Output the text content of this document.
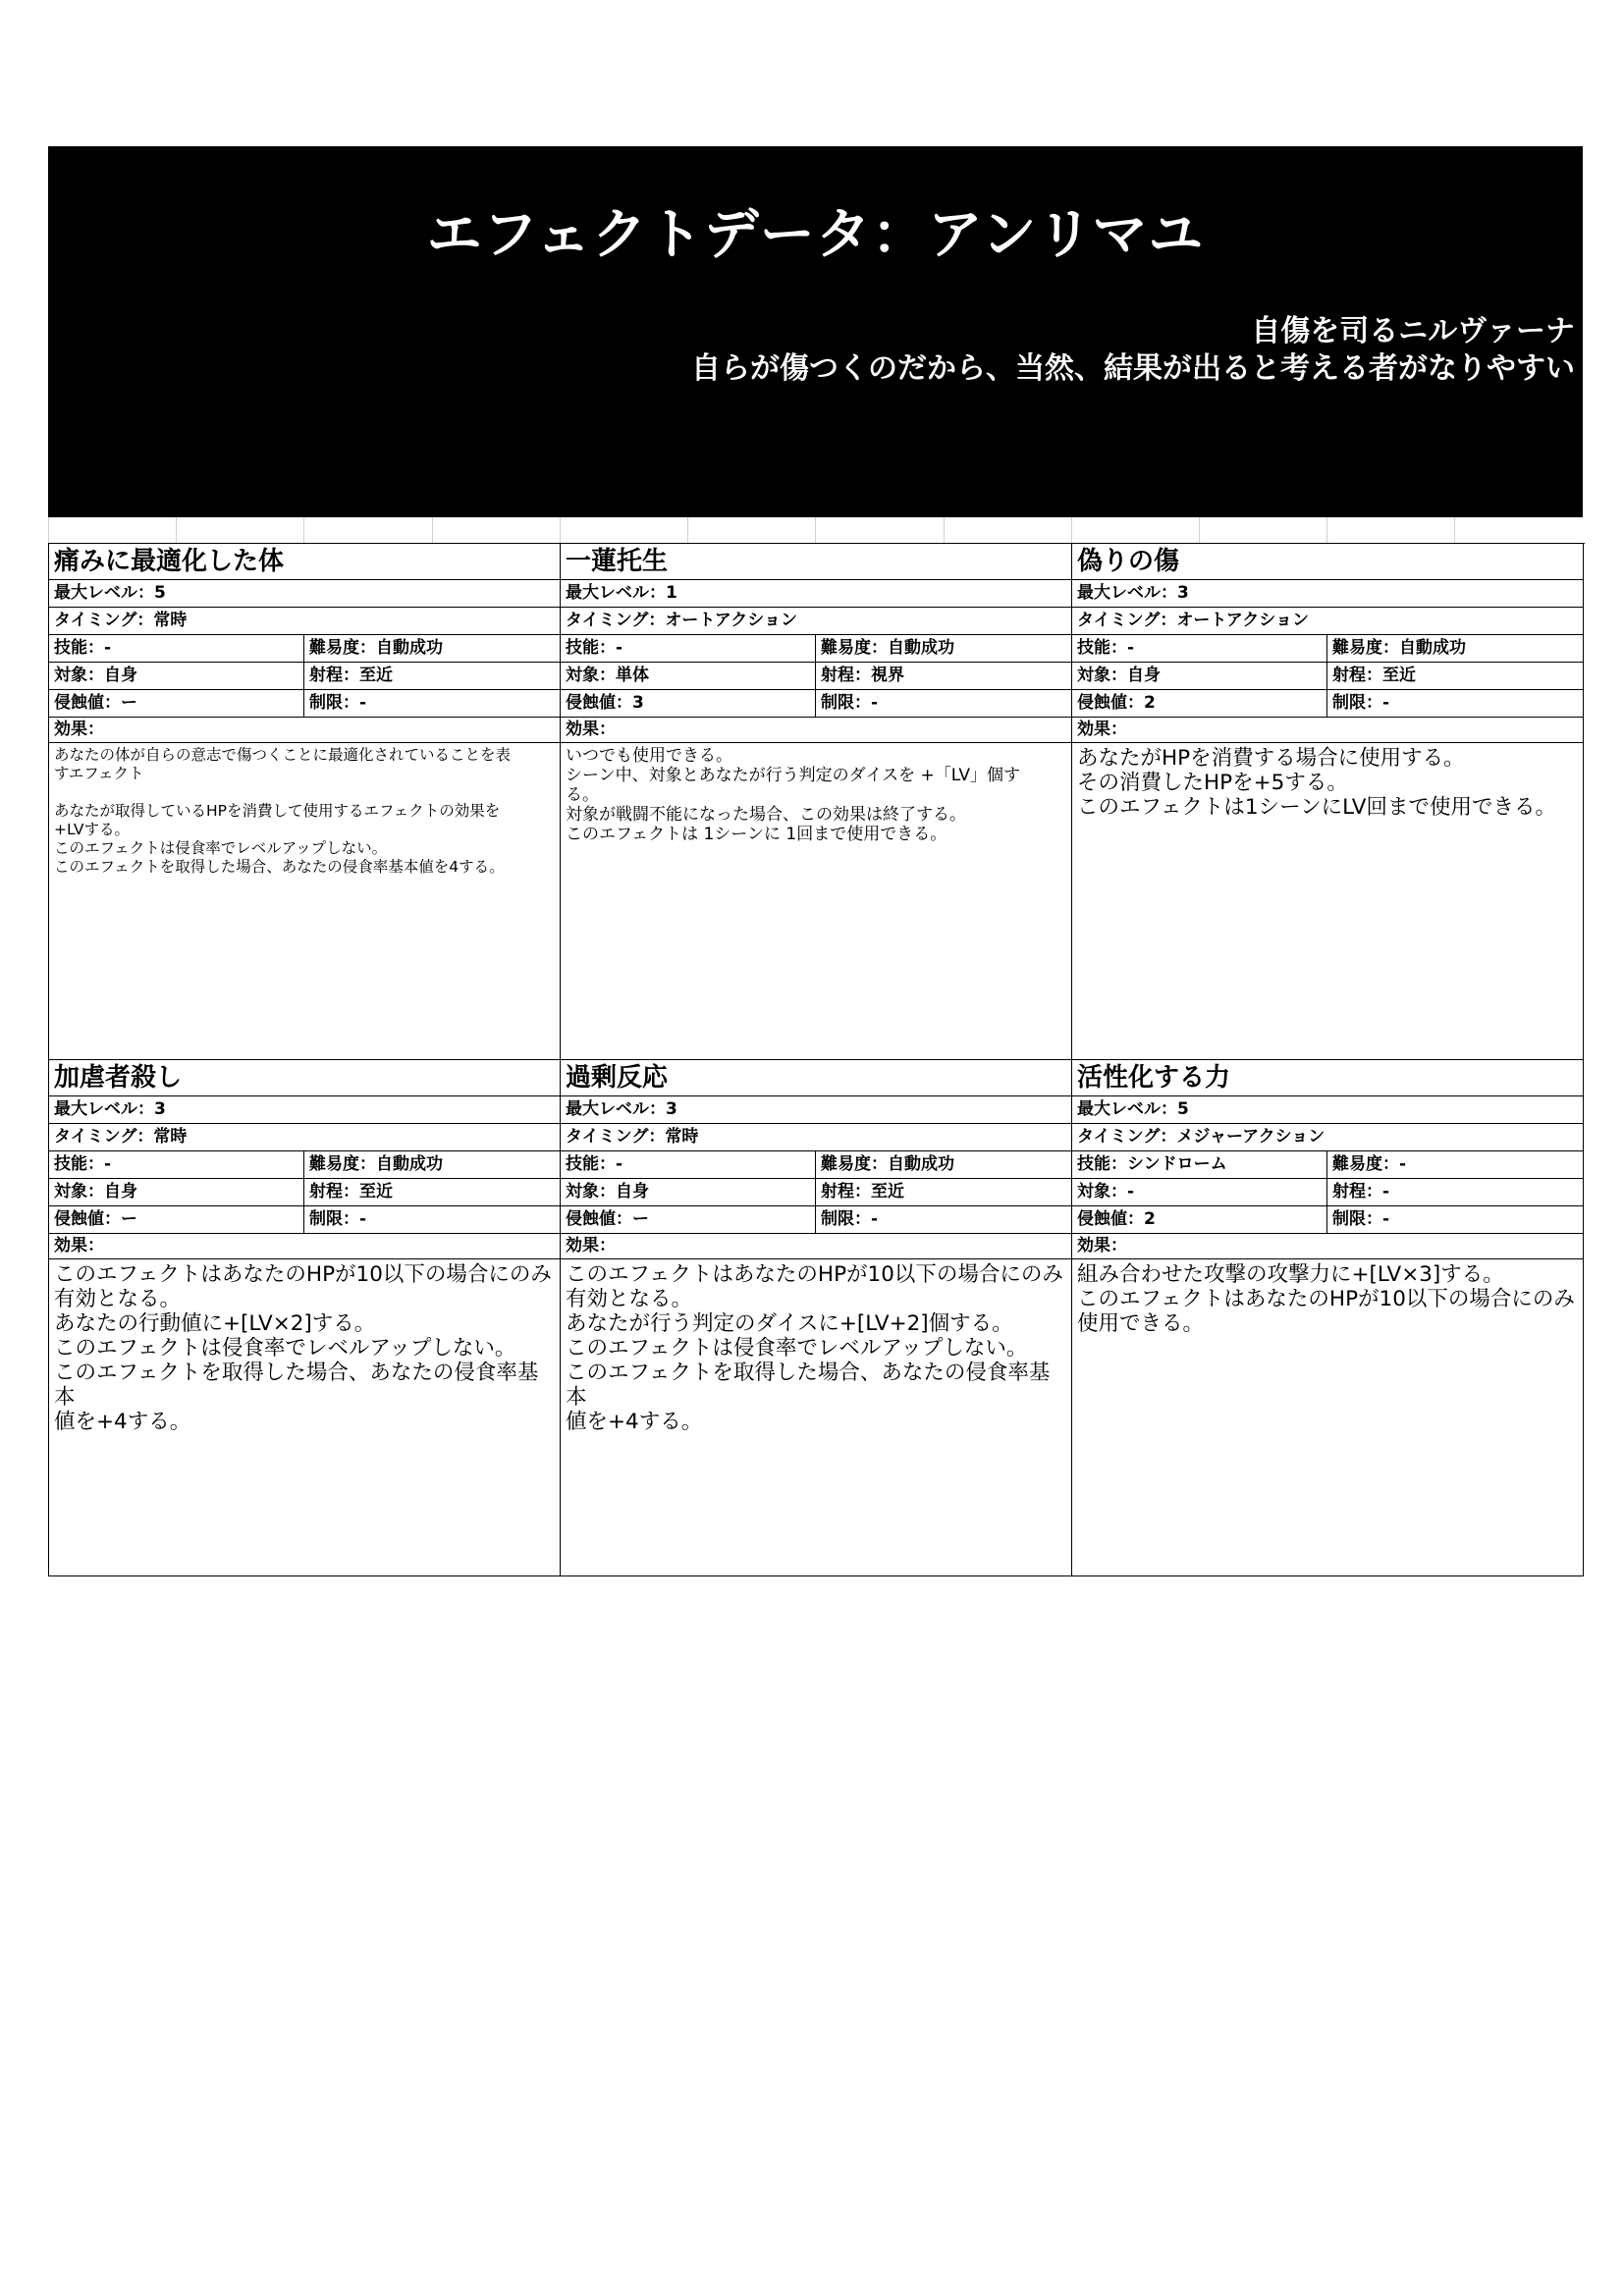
エフェクトデータ：アンリマユ
自傷を司るニルヴァーナ
自らが傷つくのだから、当然、結果が出ると考える者がなりやすい
痛みに最適化した体
最大レベル：5
タイミング：常時
技能：-	難易度：自動成功
対象：自身	射程：至近
侵蝕値：ー	制限：-
効果：
あなたの体が自らの意志で傷つくことに最適化されていることを表
すエフェクト

あなたが取得しているHPを消費して使用するエフェクトの効果を
+LVする。
このエフェクトは侵食率でレベルアップしない。
このエフェクトを取得した場合、あなたの侵食率基本値を4する。
一蓮托生
最大レベル：1
タイミング：オートアクション
技能：-	難易度：自動成功
対象：単体	射程：視界
侵蝕値：3	制限：-
効果：
いつでも使用できる。
シーン中、対象とあなたが行う判定のダイスを +「LV」個す
る。
対象が戦闘不能になった場合、この効果は終了する。
このエフェクトは 1シーンに 1回まで使用できる。
偽りの傷
最大レベル：3
タイミング：オートアクション
技能：-	難易度：自動成功
対象：自身	射程：至近
侵蝕値：2	制限：-
効果：
あなたがHPを消費する場合に使用する。
その消費したHPを+5する。
このエフェクトは1シーンにLV回まで使用できる。
加虐者殺し
最大レベル：3
タイミング：常時
技能：-	難易度：自動成功
対象：自身	射程：至近
侵蝕値：ー	制限：-
効果：
このエフェクトはあなたのHPが10以下の場合にのみ
有効となる。
あなたの行動値に+[LV×2]する。
このエフェクトは侵食率でレベルアップしない。
このエフェクトを取得した場合、あなたの侵食率基本
値を+4する。
過剰反応
最大レベル：3
タイミング：常時
技能：-	難易度：自動成功
対象：自身	射程：至近
侵蝕値：ー	制限：-
効果：
このエフェクトはあなたのHPが10以下の場合にのみ
有効となる。
あなたが行う判定のダイスに+[LV+2]個する。
このエフェクトは侵食率でレベルアップしない。
このエフェクトを取得した場合、あなたの侵食率基本
値を+4する。
活性化する力
最大レベル：5
タイミング：メジャーアクション
技能：シンドローム	難易度：-
対象：-	射程：-
侵蝕値：2	制限：-
効果：
組み合わせた攻撃の攻撃力に+[LV×3]する。
このエフェクトはあなたのHPが10以下の場合にのみ
使用できる。
